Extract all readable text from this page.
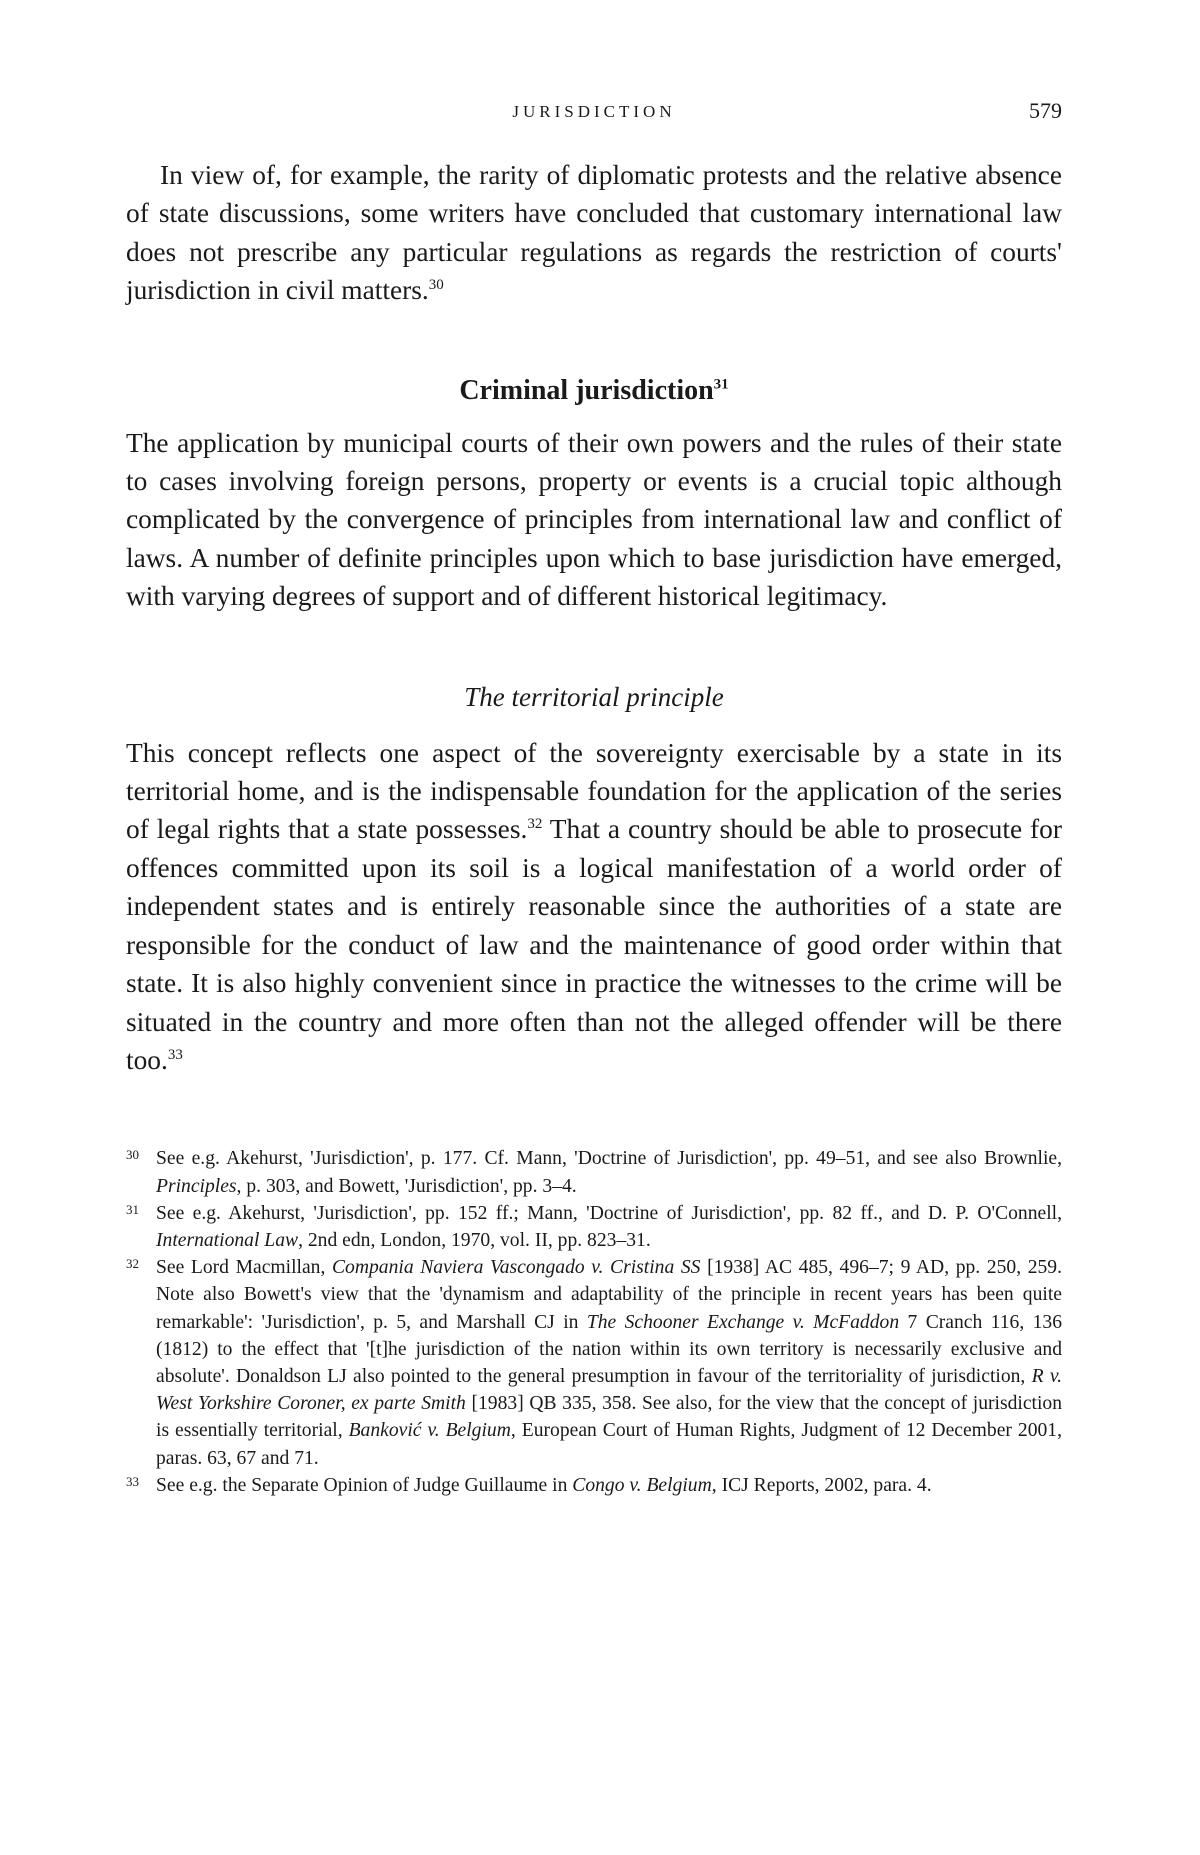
JURISDICTION	579

In view of, for example, the rarity of diplomatic protests and the relative absence of state discussions, some writers have concluded that customary international law does not prescribe any particular regulations as regards the restriction of courts' jurisdiction in civil matters.$^{30}$

Criminal jurisdiction$^{31}$

The application by municipal courts of their own powers and the rules of their state to cases involving foreign persons, property or events is a crucial topic although complicated by the convergence of principles from international law and conflict of laws. A number of definite principles upon which to base jurisdiction have emerged, with varying degrees of support and of different historical legitimacy.

The territorial principle

This concept reflects one aspect of the sovereignty exercisable by a state in its territorial home, and is the indispensable foundation for the application of the series of legal rights that a state possesses.$^{32}$ That a country should be able to prosecute for offences committed upon its soil is a logical manifestation of a world order of independent states and is entirely reasonable since the authorities of a state are responsible for the conduct of law and the maintenance of good order within that state. It is also highly convenient since in practice the witnesses to the crime will be situated in the country and more often than not the alleged offender will be there too.$^{33}$

30 See e.g. Akehurst, 'Jurisdiction', p. 177. Cf. Mann, 'Doctrine of Jurisdiction', pp. 49–51, and see also Brownlie, Principles, p. 303, and Bowett, 'Jurisdiction', pp. 3–4.
31 See e.g. Akehurst, 'Jurisdiction', pp. 152 ff.; Mann, 'Doctrine of Jurisdiction', pp. 82 ff., and D. P. O'Connell, International Law, 2nd edn, London, 1970, vol. II, pp. 823–31.
32 See Lord Macmillan, Compania Naviera Vascongado v. Cristina SS [1938] AC 485, 496–7; 9 AD, pp. 250, 259. Note also Bowett's view that the 'dynamism and adaptability of the principle in recent years has been quite remarkable': 'Jurisdiction', p. 5, and Marshall CJ in The Schooner Exchange v. McFaddon 7 Cranch 116, 136 (1812) to the effect that '[t]he jurisdiction of the nation within its own territory is necessarily exclusive and absolute'. Donaldson LJ also pointed to the general presumption in favour of the territoriality of jurisdiction, R v. West Yorkshire Coroner, ex parte Smith [1983] QB 335, 358. See also, for the view that the concept of jurisdiction is essentially territorial, Banković v. Belgium, European Court of Human Rights, Judgment of 12 December 2001, paras. 63, 67 and 71.
33 See e.g. the Separate Opinion of Judge Guillaume in Congo v. Belgium, ICJ Reports, 2002, para. 4.
